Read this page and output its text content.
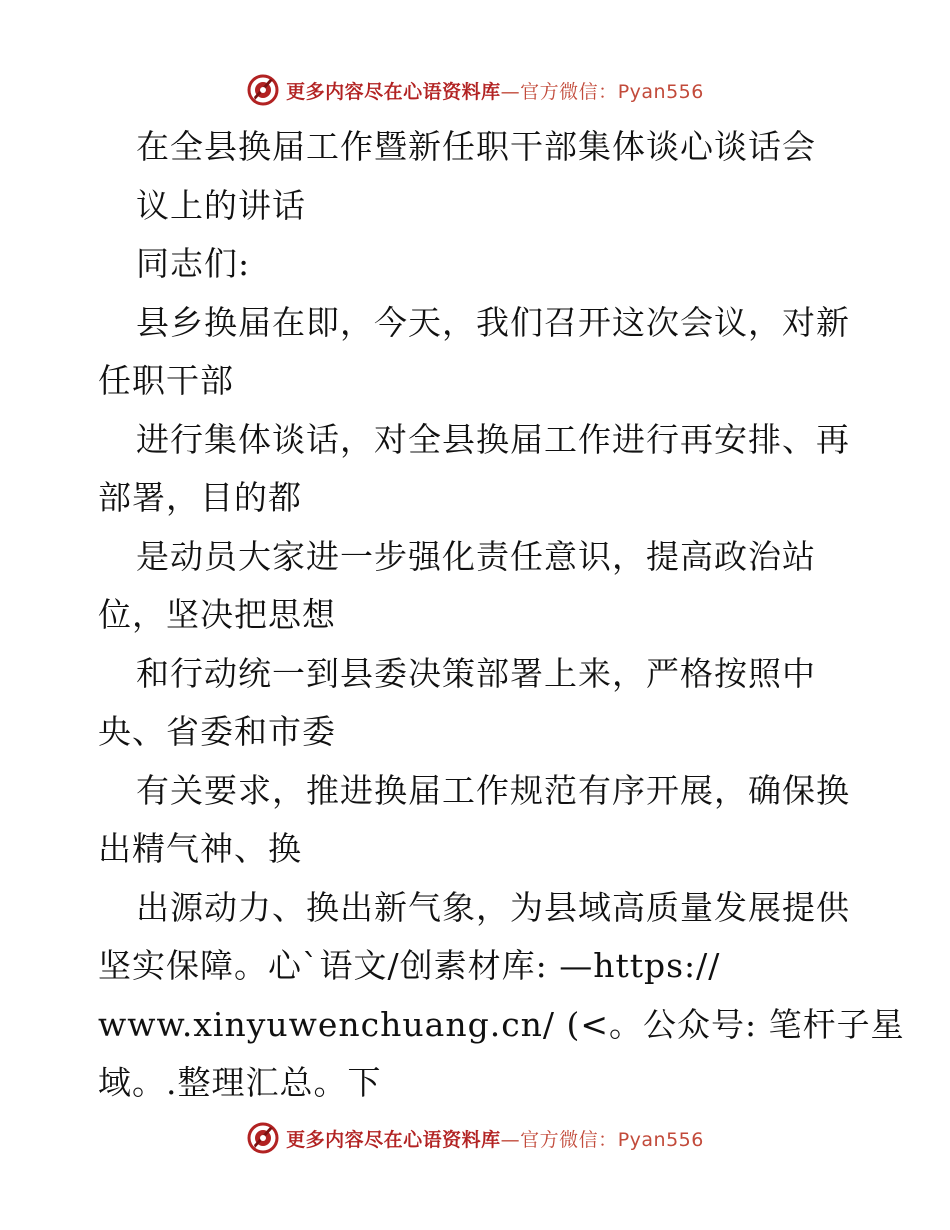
更多内容尽在心语资料库—官方微信：Pyan556
在全县换届工作暨新任职干部集体谈心谈话会
议上的讲话
同志们:
县乡换届在即，今天，我们召开这次会议，对新
任职干部
进行集体谈话，对全县换届工作进行再安排、再
部署，目的都
是动员大家进一步强化责任意识，提高政治站
位，坚决把思想
和行动统一到县委决策部署上来，严格按照中
央、省委和市委
有关要求，推进换届工作规范有序开展，确保换
出精气神、换
出源动力、换出新气象，为县域高质量发展提供
坚实保障。心`语文/创素材库: —https://
www.xinyuwenchuang.cn/ (<。公众号: 笔杆子星
域。.整理汇总。下
更多内容尽在心语资料库—官方微信：Pyan556
